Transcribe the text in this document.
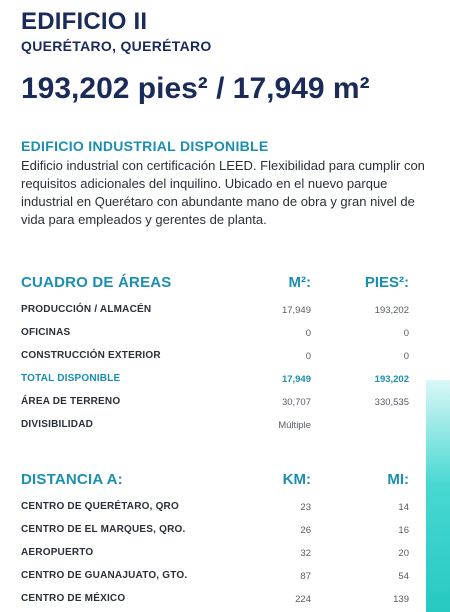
EDIFICIO II
QUERÉTARO, QUERÉTARO
193,202 pies² / 17,949 m²
EDIFICIO INDUSTRIAL DISPONIBLE
Edificio industrial con certificación LEED. Flexibilidad para cumplir con requisitos adicionales del inquilino. Ubicado en el nuevo parque industrial en Querétaro con abundante mano de obra y gran nivel de vida para empleados y gerentes de planta.
CUADRO DE ÁREAS	M²:	PIES²:
PRODUCCIÓN / ALMACÉN	17,949	193,202
OFICINAS	0	0
CONSTRUCCIÓN EXTERIOR	0	0
TOTAL DISPONIBLE	17,949	193,202
ÁREA DE TERRENO	30,707	330,535
DIVISIBILIDAD	Múltiple
DISTANCIA A:	KM:	MI:
CENTRO DE QUERÉTARO, QRO	23	14
CENTRO DE EL MARQUES, QRO.	26	16
AEROPUERTO	32	20
CENTRO DE GUANAJUATO, GTO.	87	54
CENTRO DE MÉXICO	224	139
